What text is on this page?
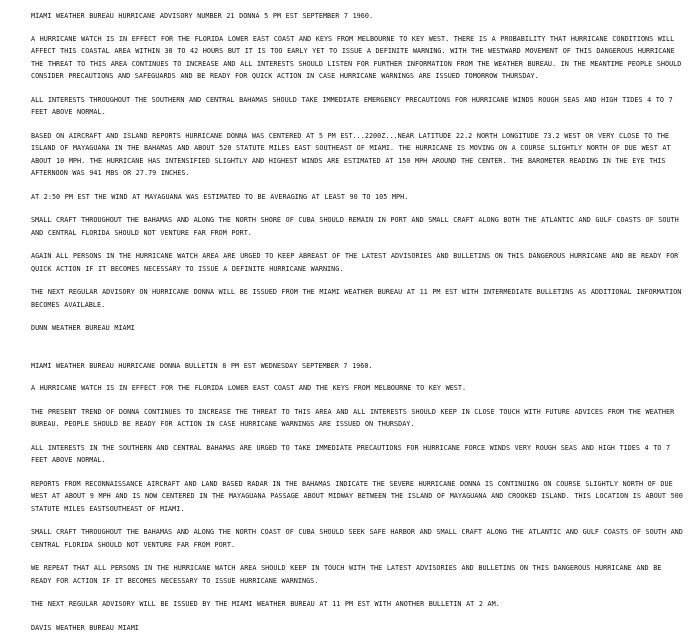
MIAMI WEATHER BUREAU HURRICANE ADVISORY NUMBER 21 DONNA 5 PM EST SEPTEMBER 7 1960.

A HURRICANE WATCH IS IN EFFECT FOR THE FLORIDA LOWER EAST COAST AND KEYS FROM MELBOURNE TO KEY WEST. THERE IS A PROBABILITY THAT HURRICANE CONDITIONS WILL AFFECT THIS COASTAL AREA WITHIN 30 TO 42 HOURS BUT IT IS TOO EARLY YET TO ISSUE A DEFINITE WARNING. WITH THE WESTWARD MOVEMENT OF THIS DANGEROUS HURRICANE THE THREAT TO THIS AREA CONTINUES TO INCREASE AND ALL INTERESTS SHOULD LISTEN FOR FURTHER INFORMATION FROM THE WEATHER BUREAU. IN THE MEANTIME PEOPLE SHOULD CONSIDER PRECAUTIONS AND SAFEGUARDS AND BE READY FOR QUICK ACTION IN CASE HURRICANE WARNINGS ARE ISSUED TOMORROW THURSDAY.

ALL INTERESTS THROUGHOUT THE SOUTHERN AND CENTRAL BAHAMAS SHOULD TAKE IMMEDIATE EMERGENCY PRECAUTIONS FOR HURRICANE WINDS ROUGH SEAS AND HIGH TIDES 4 TO 7 FEET ABOVE NORMAL.

BASED ON AIRCRAFT AND ISLAND REPORTS HURRICANE DONNA WAS CENTERED AT 5 PM EST...2200Z...NEAR LATITUDE 22.2 NORTH LONGITUDE 73.2 WEST OR VERY CLOSE TO THE ISLAND OF MAYAGUANA IN THE BAHAMAS AND ABOUT 520 STATUTE MILES EAST SOUTHEAST OF MIAMI. THE HURRICANE IS MOVING ON A COURSE SLIGHTLY NORTH OF DUE WEST AT ABOUT 10 MPH. THE HURRICANE HAS INTENSIFIED SLIGHTLY AND HIGHEST WINDS ARE ESTIMATED AT 150 MPH AROUND THE CENTER. THE BAROMETER READING IN THE EYE THIS AFTERNOON WAS 941 MBS OR 27.79 INCHES.

AT 2:50 PM EST THE WIND AT MAYAGUANA WAS ESTIMATED TO BE AVERAGING AT LEAST 90 TO 105 MPH.

SMALL CRAFT THROUGHOUT THE BAHAMAS AND ALONG THE NORTH SHORE OF CUBA SHOULD REMAIN IN PORT AND SMALL CRAFT ALONG BOTH THE ATLANTIC AND GULF COASTS OF SOUTH AND CENTRAL FLORIDA SHOULD NOT VENTURE FAR FROM PORT.

AGAIN ALL PERSONS IN THE HURRICANE WATCH AREA ARE URGED TO KEEP ABREAST OF THE LATEST ADVISORIES AND BULLETINS ON THIS DANGEROUS HURRICANE AND BE READY FOR QUICK ACTION IF IT BECOMES NECESSARY TO ISSUE A DEFINITE HURRICANE WARNING.

THE NEXT REGULAR ADVISORY ON HURRICANE DONNA WILL BE ISSUED FROM THE MIAMI WEATHER BUREAU AT 11 PM EST WITH INTERMEDIATE BULLETINS AS ADDITIONAL INFORMATION BECOMES AVAILABLE.

DUNN WEATHER BUREAU MIAMI

MIAMI WEATHER BUREAU HURRICANE DONNA BULLETIN 8 PM EST WEDNESDAY SEPTEMBER 7 1960.

A HURRICANE WATCH IS IN EFFECT FOR THE FLORIDA LOWER EAST COAST AND THE KEYS FROM MELBOURNE TO KEY WEST.

THE PRESENT TREND OF DONNA CONTINUES TO INCREASE THE THREAT TO THIS AREA AND ALL INTERESTS SHOULD KEEP IN CLOSE TOUCH WITH FUTURE ADVICES FROM THE WEATHER BUREAU. PEOPLE SHOULD BE READY FOR ACTION IN CASE HURRICANE WARNINGS ARE ISSUED ON THURSDAY.

ALL INTERESTS IN THE SOUTHERN AND CENTRAL BAHAMAS ARE URGED TO TAKE IMMEDIATE PRECAUTIONS FOR HURRICANE FORCE WINDS VERY ROUGH SEAS AND HIGH TIDES 4 TO 7 FEET ABOVE NORMAL.

REPORTS FROM RECONNAISSANCE AIRCRAFT AND LAND BASED RADAR IN THE BAHAMAS INDICATE THE SEVERE HURRICANE DONNA IS CONTINUING ON COURSE SLIGHTLY NORTH OF DUE WEST AT ABOUT 9 MPH AND IS NOW CENTERED IN THE MAYAGUANA PASSAGE ABOUT MIDWAY BETWEEN THE ISLAND OF MAYAGUANA AND CROOKED ISLAND. THIS LOCATION IS ABOUT 500 STATUTE MILES EASTSOUTHEAST OF MIAMI.

SMALL CRAFT THROUGHOUT THE BAHAMAS AND ALONG THE NORTH COAST OF CUBA SHOULD SEEK SAFE HARBOR AND SMALL CRAFT ALONG THE ATLANTIC AND GULF COASTS OF SOUTH AND CENTRAL FLORIDA SHOULD NOT VENTURE FAR FROM PORT.

WE REPEAT THAT ALL PERSONS IN THE HURRICANE WATCH AREA SHOULD KEEP IN TOUCH WITH THE LATEST ADVISORIES AND BULLETINS ON THIS DANGEROUS HURRICANE AND BE READY FOR ACTION IF IT BECOMES NECESSARY TO ISSUE HURRICANE WARNINGS.

THE NEXT REGULAR ADVISORY WILL BE ISSUED BY THE MIAMI WEATHER BUREAU AT 11 PM EST WITH ANOTHER BULLETIN AT 2 AM.

DAVIS WEATHER BUREAU MIAMI
